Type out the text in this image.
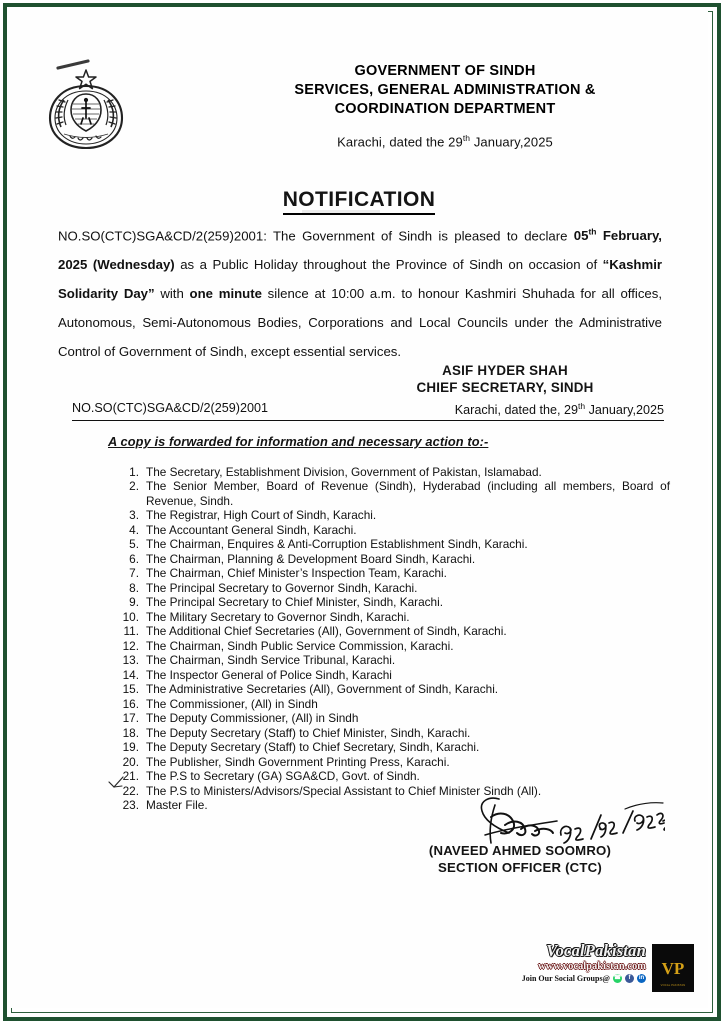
GOVERNMENT OF SINDH
SERVICES, GENERAL ADMINISTRATION &
COORDINATION DEPARTMENT
Karachi, dated the 29th January,2025
NOTIFICATION
NO.SO(CTC)SGA&CD/2(259)2001: The Government of Sindh is pleased to declare 05th February, 2025 (Wednesday) as a Public Holiday throughout the Province of Sindh on occasion of “Kashmir Solidarity Day” with one minute silence at 10:00 a.m. to honour Kashmiri Shuhada for all offices, Autonomous, Semi-Autonomous Bodies, Corporations and Local Councils under the Administrative Control of Government of Sindh, except essential services.
ASIF HYDER SHAH
CHIEF SECRETARY, SINDH
NO.SO(CTC)SGA&CD/2(259)2001	Karachi, dated the, 29th January,2025
A copy is forwarded for information and necessary action to:-
1. The Secretary, Establishment Division, Government of Pakistan, Islamabad.
2. The Senior Member, Board of Revenue (Sindh), Hyderabad (including all members, Board of Revenue, Sindh.
3. The Registrar, High Court of Sindh, Karachi.
4. The Accountant General Sindh, Karachi.
5. The Chairman, Enquires & Anti-Corruption Establishment Sindh, Karachi.
6. The Chairman, Planning & Development Board Sindh, Karachi.
7. The Chairman, Chief Minister’s Inspection Team, Karachi.
8. The Principal Secretary to Governor Sindh, Karachi.
9. The Principal Secretary to Chief Minister, Sindh, Karachi.
10. The Military Secretary to Governor Sindh, Karachi.
11. The Additional Chief Secretaries (All), Government of Sindh, Karachi.
12. The Chairman, Sindh Public Service Commission, Karachi.
13. The Chairman, Sindh Service Tribunal, Karachi.
14. The Inspector General of Police Sindh, Karachi
15. The Administrative Secretaries (All), Government of Sindh, Karachi.
16. The Commissioner, (All) in Sindh
17. The Deputy Commissioner, (All) in Sindh
18. The Deputy Secretary (Staff) to Chief Minister, Sindh, Karachi.
19. The Deputy Secretary (Staff) to Chief Secretary, Sindh, Karachi.
20. The Publisher, Sindh Government Printing Press, Karachi.
21. The P.S to Secretary (GA) SGA&CD, Govt. of Sindh.
22. The P.S to Ministers/Advisors/Special Assistant to Chief Minister Sindh (All).
23. Master File.
(NAVEED AHMED SOOMRO)
SECTION OFFICER (CTC)
VocalPakistan
www.vocalpakistan.com
Join Our Social Groups@ ☎	f	in
VP
VOCAL PAKISTAN
